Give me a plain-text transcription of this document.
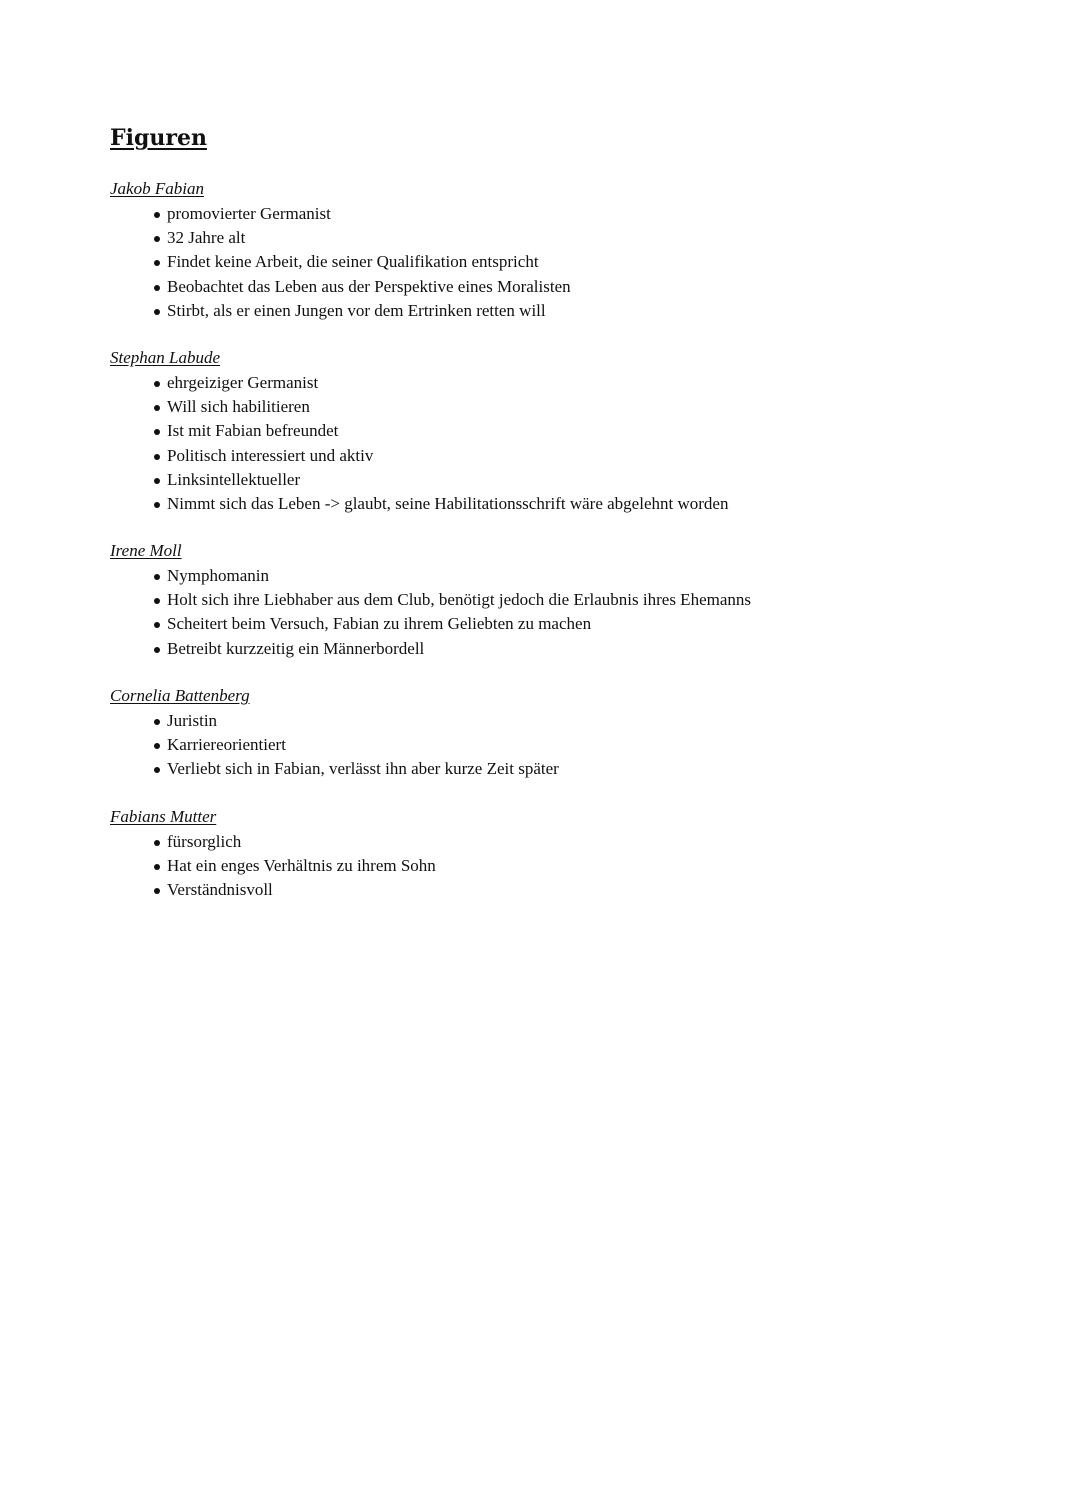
Figuren
Jakob Fabian
promovierter Germanist
32 Jahre alt
Findet keine Arbeit, die seiner Qualifikation entspricht
Beobachtet das Leben aus der Perspektive eines Moralisten
Stirbt, als er einen Jungen vor dem Ertrinken retten will
Stephan Labude
ehrgeiziger Germanist
Will sich habilitieren
Ist mit Fabian befreundet
Politisch interessiert und aktiv
Linksintellektueller
Nimmt sich das Leben -> glaubt, seine Habilitationsschrift wäre abgelehnt worden
Irene Moll
Nymphomanin
Holt sich ihre Liebhaber aus dem Club, benötigt jedoch die Erlaubnis ihres Ehemanns
Scheitert beim Versuch, Fabian zu ihrem Geliebten zu machen
Betreibt kurzzeitig ein Männerbordell
Cornelia Battenberg
Juristin
Karriereorientiert
Verliebt sich in Fabian, verlässt ihn aber kurze Zeit später
Fabians Mutter
fürsorglich
Hat ein enges Verhältnis zu ihrem Sohn
Verständnisvoll
